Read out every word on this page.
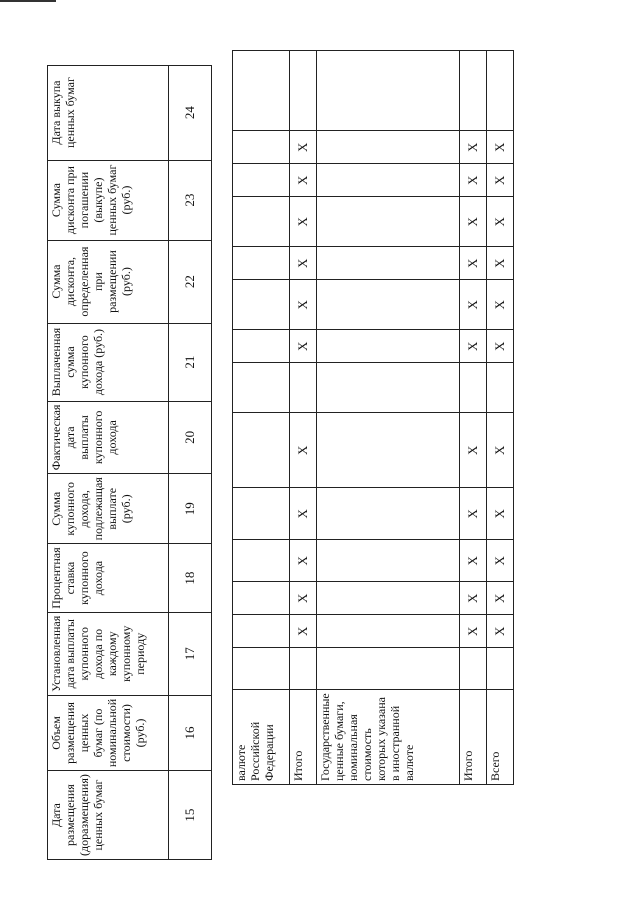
Дата размещения (доразмещения) ценных бумаг	Объем размещения ценных бумаг (по номинальной стоимости) (руб.)	Установленная дата выплаты купонного дохода по каждому купонному периоду	Процентная ставка купонного дохода	Сумма купонного дохода, подлежащая выплате (руб.)	Фактическая дата выплаты купонного дохода	Выплаченная сумма купонного дохода (руб.)	Сумма дисконта, определенная при размещении (руб.)	Сумма дисконта при погашении (выкупе) ценных бумаг (руб.)	Дата выкупа ценных бумаг
15	16	17	18	19	20	21	22	23	24
валюте Российской Федерации														
Итого		X	X	X	X	X		X	X	X	X	X	X	
Государственные ценные бумаги, номинальная стоимость которых указана в иностранной валюте														
Итого		X	X	X	X	X		X	X	X	X	X	X	
Всего		X	X	X	X	X		X	X	X	X	X	X	
